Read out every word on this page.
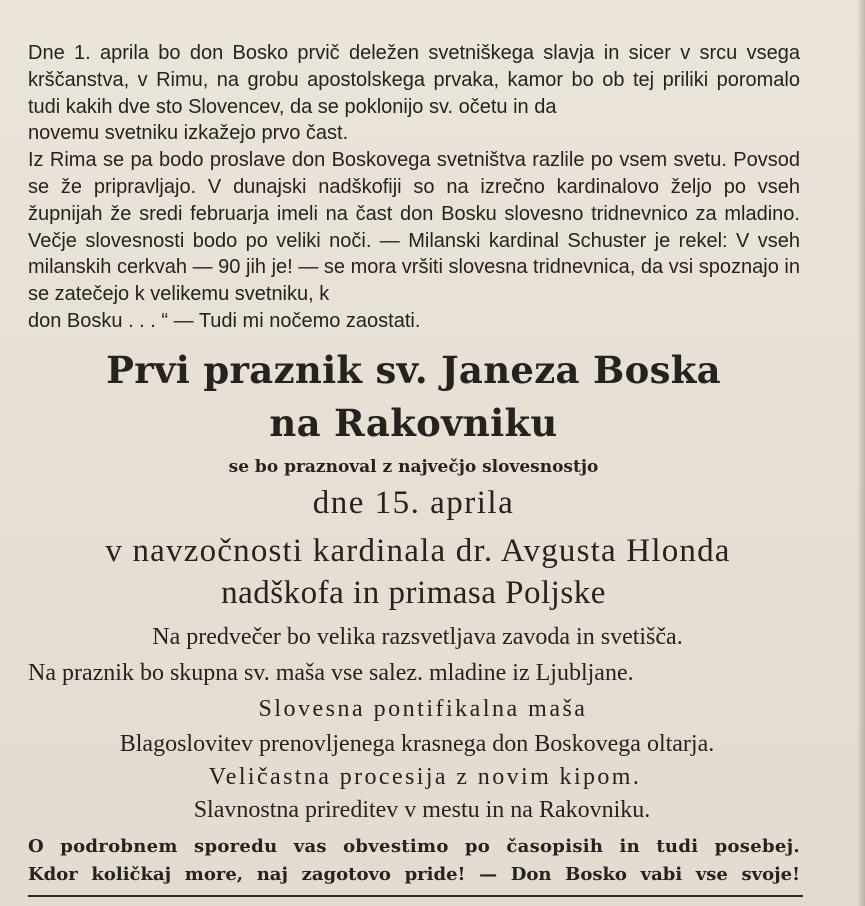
Dne 1. aprila bo don Bosko prvič deležen svetniškega slavja in sicer v srcu vsega krščanstva, v Rimu, na grobu apostolskega prvaka, kamor bo ob tej priliki poromalo tudi kakih dve sto Slovencev, da se poklonijo sv. očetu in da
novemu svetniku izkažejo prvo čast.

Iz Rima se pa bodo proslave don Boskovega svetništva razlile po vsem svetu. Povsod se že pripravljajo. V dunajski nadškofiji so na izrečno kardinalovo željo po vseh župnijah že sredi februarja imeli na čast don Bosku slovesno tridnevnico za mladino. Večje slovesnosti bodo po veliki noči. — Milanski kardinal Schuster je rekel: V vseh milanskih cerkvah — 90 jih je! — se mora vršiti slovesna tridnevnica, da vsi spoznajo in se zatečejo k velikemu svetniku, k
don Bosku . . . “ — Tudi mi nočemo zaostati.

Prvi praznik sv. Janeza Boska
na Rakovniku

se bo praznoval z največjo slovesnostjo

dne 15. aprila

v navzočnosti kardinala dr. Avgusta Hlonda

nadškofa in primasa Poljske

Na predvečer bo velika razsvetljava zavoda in svetišča.

Na praznik bo skupna sv. maša vse salez. mladine iz Ljubljane.

Slovesna pontifikalna maša

Blagoslovitev prenovljenega krasnega don Boskovega oltarja.

Veličastna procesija z novim kipom.

Slavnostna prireditev v mestu in na Rakovniku.

O podrobnem sporedu vas obvestimo po časopisih in tudi posebej.

Kdor količkaj more, naj zagotovo pride! — Don Bosko vabi vse svoje!
